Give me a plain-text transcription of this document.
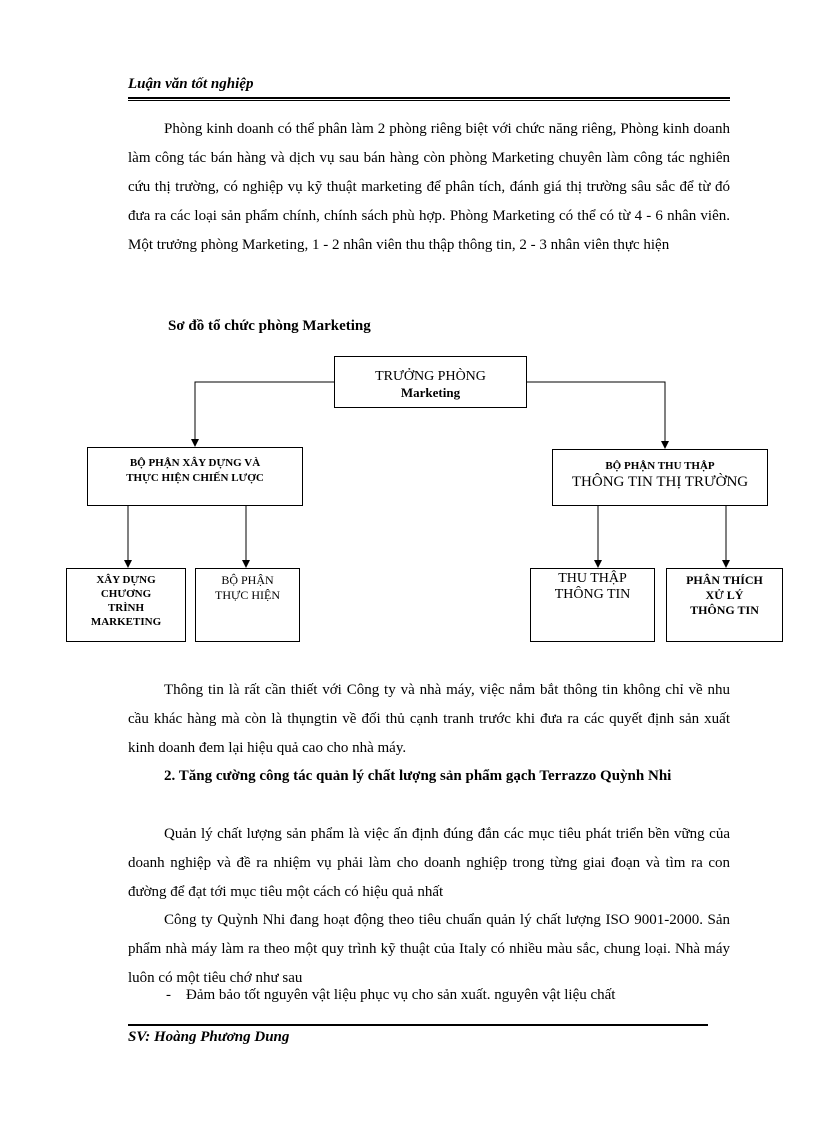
Luận văn tốt nghiệp

Phòng kinh doanh có thể phân làm 2 phòng riêng biệt với chức năng riêng, Phòng kinh doanh làm công tác bán hàng và dịch vụ sau bán hàng còn phòng Marketing chuyên làm công tác nghiên cứu thị trường, có nghiệp vụ kỹ thuật marketing để phân tích, đánh giá thị trường sâu sắc để từ đó đưa ra các loại sản phẩm chính, chính sách phù hợp. Phòng Marketing có thể có từ 4 - 6 nhân viên. Một trưởng phòng Marketing, 1 - 2 nhân viên thu thập thông tin, 2 - 3 nhân viên thực hiện

Sơ đồ tổ chức phòng Marketing
TRƯỞNG PHÒNG
Marketing
BỘ PHẬN XÂY DỰNG VÀ
THỰC HIỆN CHIẾN LƯỢC
BỘ PHẬN THU THẬP
THÔNG TIN THỊ TRƯỜNG
XÂY DỰNG
CHƯƠNG
TRÌNH
MARKETING
BỘ PHẬN
THỰC HIỆN
THU THẬP
THÔNG TIN
PHÂN THÍCH
XỬ LÝ
THÔNG TIN

Thông tin là rất cần thiết với Công ty và nhà máy, việc nắm bắt thông tin không chỉ về nhu cầu khác hàng mà còn là thụngtin về đối thủ cạnh tranh trước khi đưa ra các quyết định sản xuất kinh doanh đem lại hiệu quả cao cho nhà máy.

2. Tăng cường công tác quản lý chất lượng sản phẩm gạch Terrazzo Quỳnh Nhi

Quản lý chất lượng sản phẩm là việc ấn định đúng đắn các mục tiêu phát triển bền vững của doanh nghiệp và đề ra nhiệm vụ phải làm cho doanh nghiệp trong từng giai đoạn và tìm ra con đường để đạt tới mục tiêu một cách có hiệu quả nhất

Công ty Quỳnh Nhi đang hoạt động theo tiêu chuẩn quản lý chất lượng ISO 9001-2000. Sản phẩm nhà máy làm ra theo một quy trình kỹ thuật của Italy có nhiều màu sắc, chung loại. Nhà máy luôn có một tiêu chớ như sau

- Đảm bảo tốt nguyên vật liệu phục vụ cho sản xuất. nguyên vật liệu chất
SV: Hoàng Phương Dung
